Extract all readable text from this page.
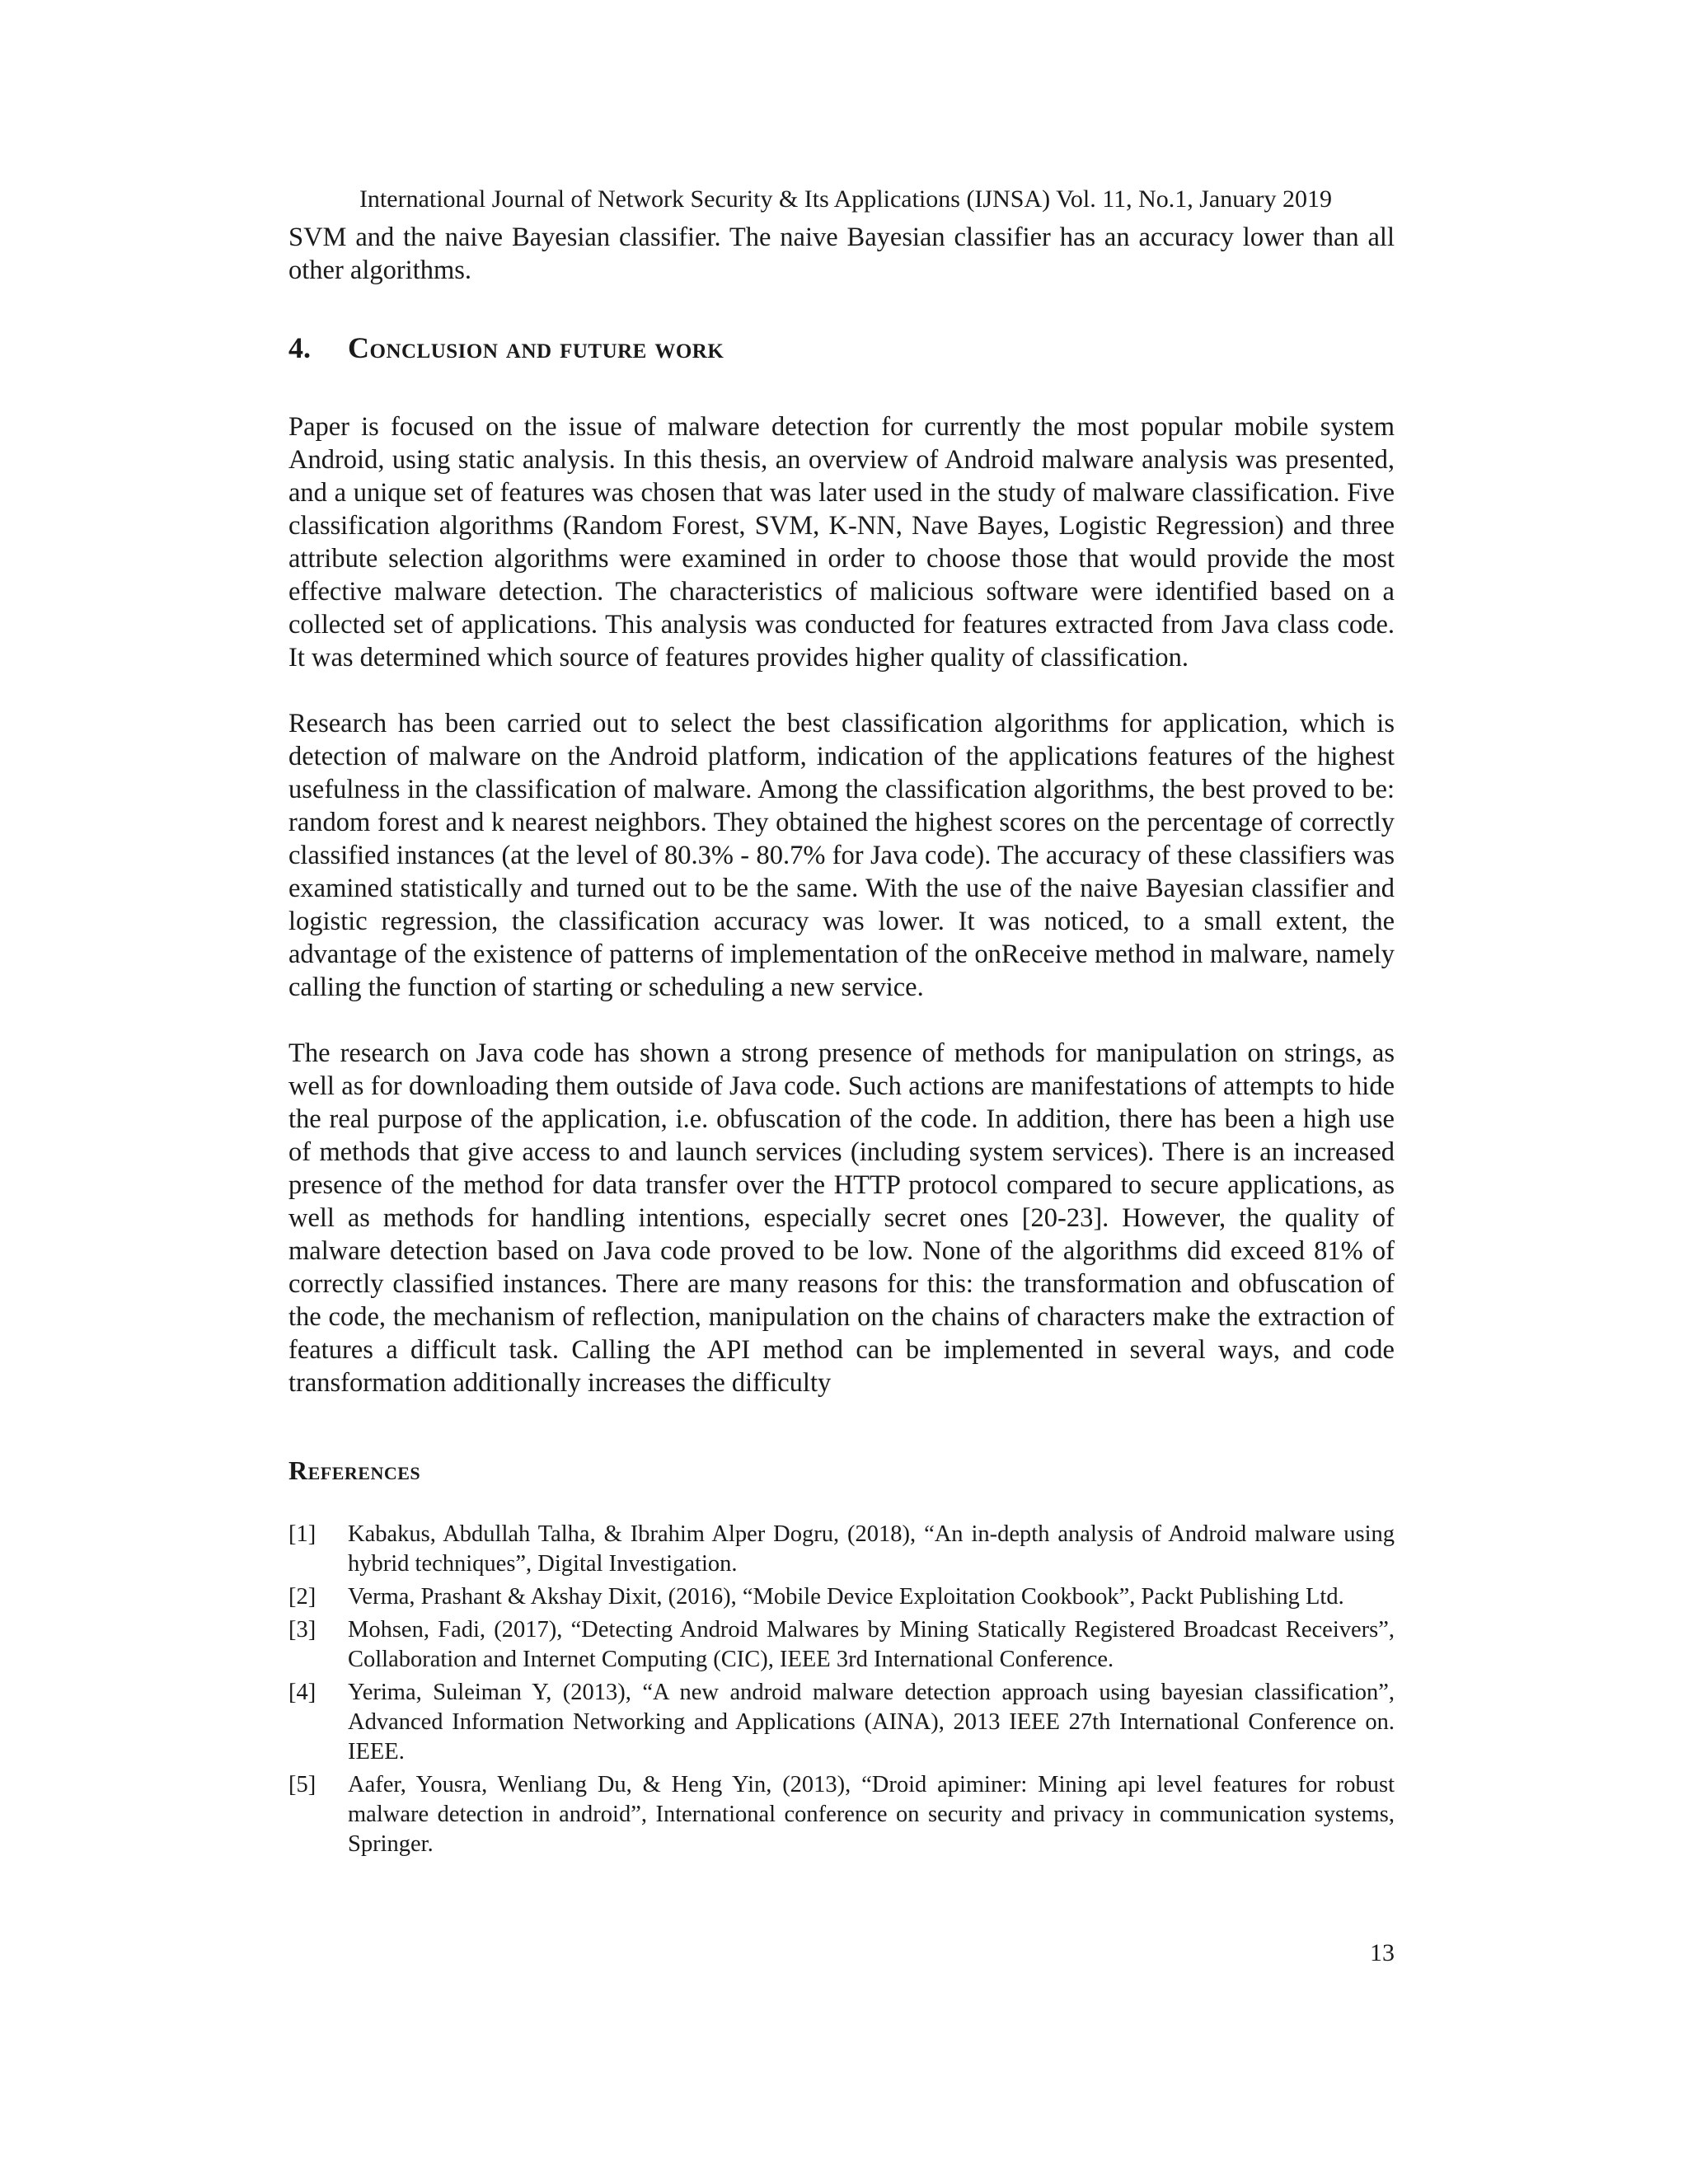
International Journal of Network Security & Its Applications (IJNSA) Vol. 11, No.1, January 2019

SVM and the naive Bayesian classifier. The naive Bayesian classifier has an accuracy lower than all other algorithms.

4.	Conclusion and future work

Paper is focused on the issue of malware detection for currently the most popular mobile system Android, using static analysis. In this thesis, an overview of Android malware analysis was presented, and a unique set of features was chosen that was later used in the study of malware classification. Five classification algorithms (Random Forest, SVM, K-NN, Nave Bayes, Logistic Regression) and three attribute selection algorithms were examined in order to choose those that would provide the most effective malware detection. The characteristics of malicious software were identified based on a collected set of applications. This analysis was conducted for features extracted from Java class code. It was determined which source of features provides higher quality of classification.

Research has been carried out to select the best classification algorithms for application, which is detection of malware on the Android platform, indication of the applications features of the highest usefulness in the classification of malware. Among the classification algorithms, the best proved to be: random forest and k nearest neighbors. They obtained the highest scores on the percentage of correctly classified instances (at the level of 80.3% - 80.7% for Java code). The accuracy of these classifiers was examined statistically and turned out to be the same. With the use of the naive Bayesian classifier and logistic regression, the classification accuracy was lower. It was noticed, to a small extent, the advantage of the existence of patterns of implementation of the onReceive method in malware, namely calling the function of starting or scheduling a new service.

The research on Java code has shown a strong presence of methods for manipulation on strings, as well as for downloading them outside of Java code. Such actions are manifestations of attempts to hide the real purpose of the application, i.e. obfuscation of the code. In addition, there has been a high use of methods that give access to and launch services (including system services). There is an increased presence of the method for data transfer over the HTTP protocol compared to secure applications, as well as methods for handling intentions, especially secret ones [20-23]. However, the quality of malware detection based on Java code proved to be low. None of the algorithms did exceed 81% of correctly classified instances. There are many reasons for this: the transformation and obfuscation of the code, the mechanism of reflection, manipulation on the chains of characters make the extraction of features a difficult task. Calling the API method can be implemented in several ways, and code transformation additionally increases the difficulty

References
[1]	Kabakus, Abdullah Talha, & Ibrahim Alper Dogru, (2018), “An in-depth analysis of Android malware using hybrid techniques”, Digital Investigation.
[2]	Verma, Prashant & Akshay Dixit, (2016), “Mobile Device Exploitation Cookbook”, Packt Publishing Ltd.
[3]	Mohsen, Fadi, (2017), “Detecting Android Malwares by Mining Statically Registered Broadcast Receivers”, Collaboration and Internet Computing (CIC), IEEE 3rd International Conference.
[4]	Yerima, Suleiman Y, (2013), “A new android malware detection approach using bayesian classification”, Advanced Information Networking and Applications (AINA), 2013 IEEE 27th International Conference on. IEEE.
[5]	Aafer, Yousra, Wenliang Du, & Heng Yin, (2013), “Droid apiminer: Mining api level features for robust malware detection in android”, International conference on security and privacy in communication systems, Springer.
13
